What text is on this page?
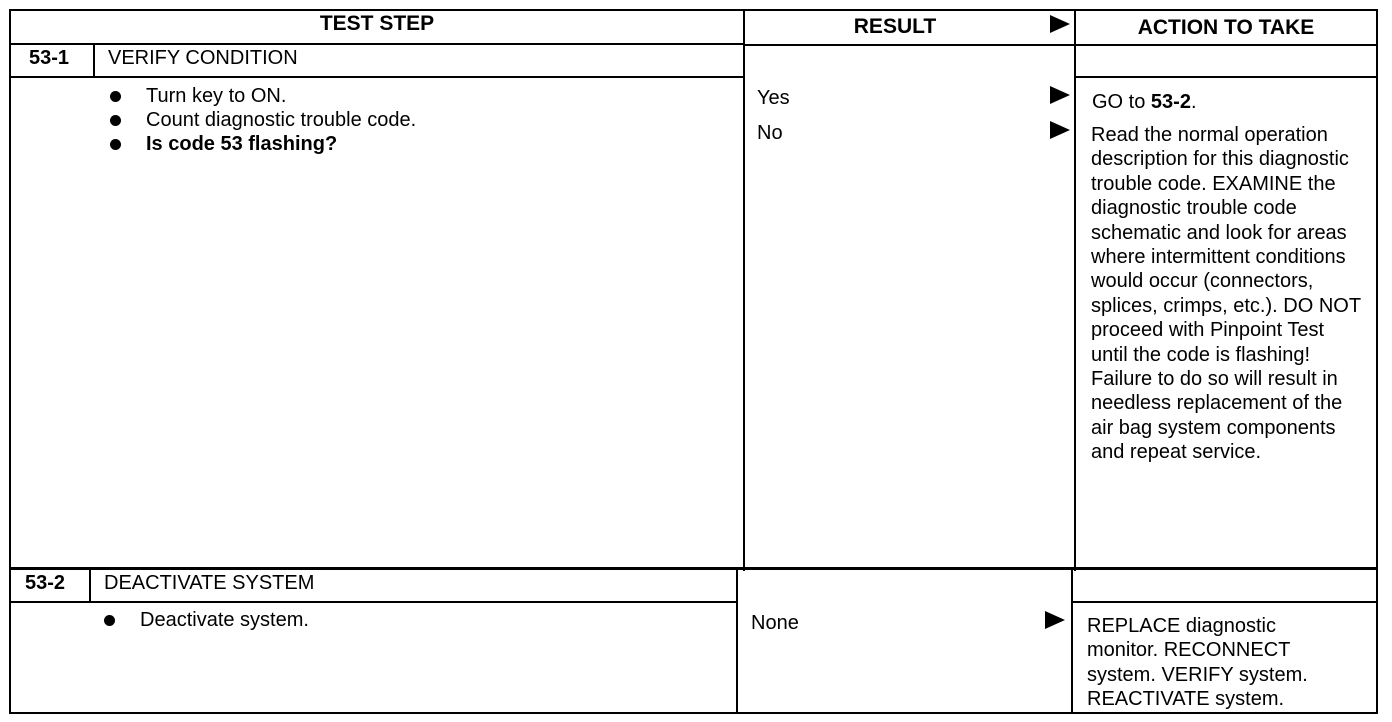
TEST STEP	RESULT	ACTION TO TAKE
53-1 VERIFY CONDITION
Turn key to ON.
Count diagnostic trouble code.
Is code 53 flashing?
Yes	GO to 53-2.
No	Read the normal operation description for this diagnostic trouble code. EXAMINE the diagnostic trouble code schematic and look for areas where intermittent conditions would occur (connectors, splices, crimps, etc.). DO NOT proceed with Pinpoint Test until the code is flashing! Failure to do so will result in needless replacement of the air bag system components and repeat service.
53-2 DEACTIVATE SYSTEM
Deactivate system.	None	REPLACE diagnostic monitor. RECONNECT system. VERIFY system. REACTIVATE system.
